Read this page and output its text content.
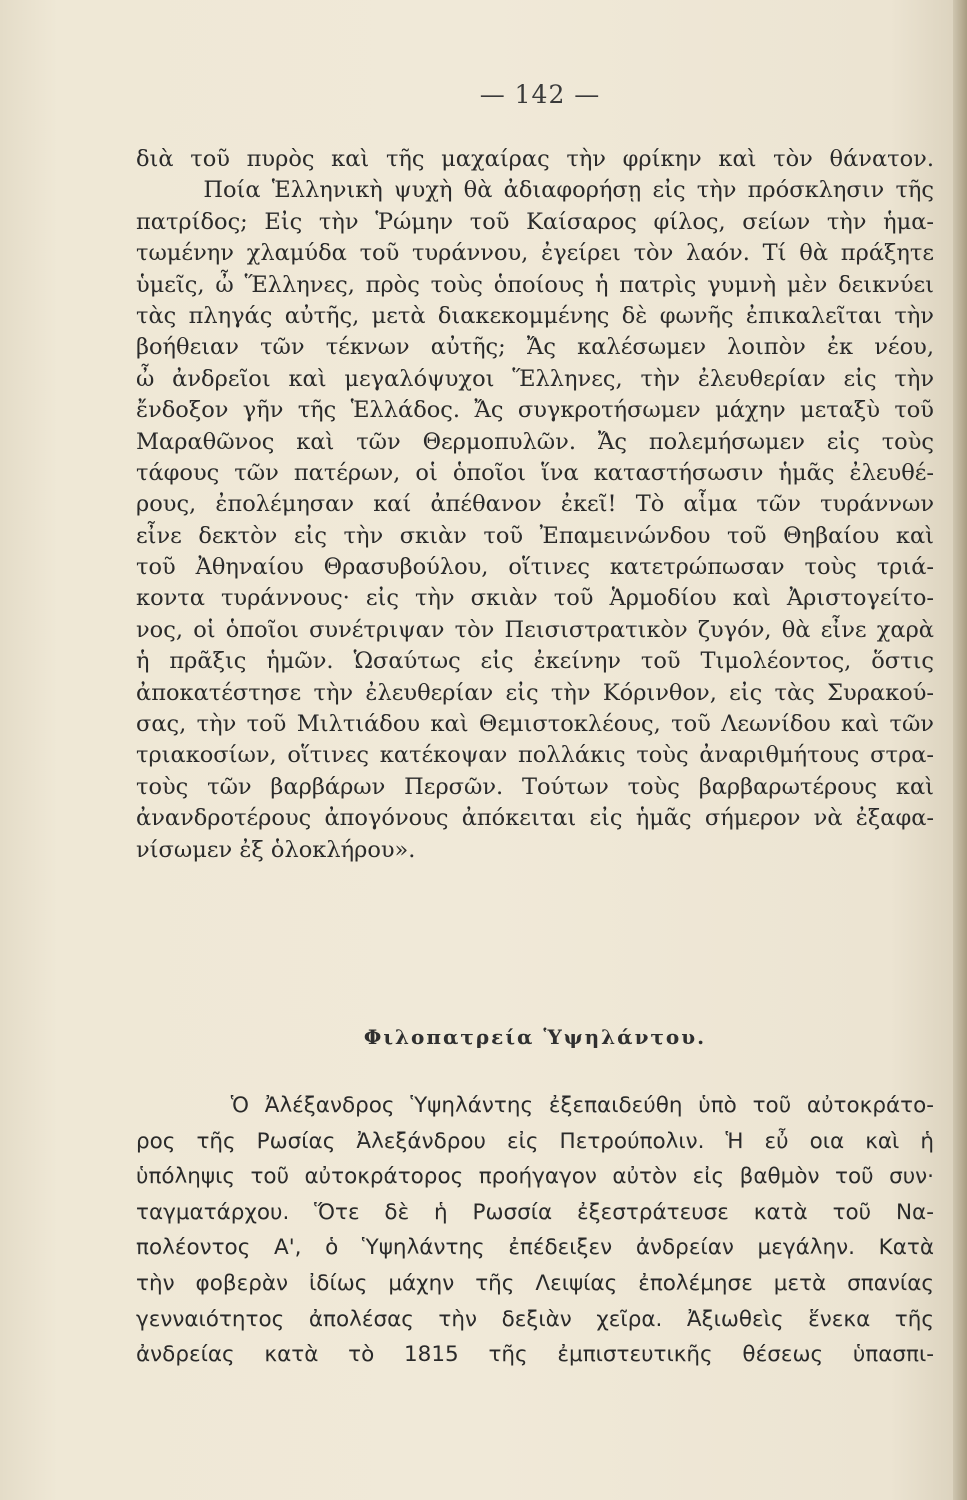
— 142 —
διὰ τοῦ πυρὸς καὶ τῆς μαχαίρας τὴν φρίκην καὶ τὸν θάνατον.
Ποία Ἑλληνικὴ ψυχὴ θὰ ἀδιαφορήσῃ εἰς τὴν πρόσκλησιν τῆς
πατρίδος; Εἰς τὴν Ῥώμην τοῦ Καίσαρος φίλος, σείων τὴν ἡμα-
τωμένην χλαμύδα τοῦ τυράννου, ἐγείρει τὸν λαόν. Τί θὰ πράξητε
ὑμεῖς, ὦ Ἕλληνες, πρὸς τοὺς ὁποίους ἡ πατρὶς γυμνὴ μὲν δεικνύει
τὰς πληγάς αὐτῆς, μετὰ διακεκομμένης δὲ φωνῆς ἐπικαλεῖται τὴν
βοήθειαν τῶν τέκνων αὐτῆς; Ἄς καλέσωμεν λοιπὸν ἐκ νέου,
ὦ ἀνδρεῖοι καὶ μεγαλόψυχοι Ἕλληνες, τὴν ἐλευθερίαν εἰς τὴν
ἔνδοξον γῆν τῆς Ἑλλάδος. Ἄς συγκροτήσωμεν μάχην μεταξὺ τοῦ
Μαραθῶνος καὶ τῶν Θερμοπυλῶν. Ἄς πολεμήσωμεν εἰς τοὺς
τάφους τῶν πατέρων, οἱ ὁποῖοι ἵνα καταστήσωσιν ἡμᾶς ἐλευθέ-
ρους, ἐπολέμησαν καί ἀπέθανον ἐκεῖ! Τὸ αἷμα τῶν τυράννων
εἶνε δεκτὸν εἰς τὴν σκιὰν τοῦ Ἐπαμεινώνδου τοῦ Θηβαίου καὶ
τοῦ Ἀθηναίου Θρασυβούλου, οἵτινες κατετρώπωσαν τοὺς τριά-
κοντα τυράννους· εἰς τὴν σκιὰν τοῦ Ἁρμοδίου καὶ Ἀριστογείτο-
νος, οἱ ὁποῖοι συνέτριψαν τὸν Πεισιστρατικὸν ζυγόν, θὰ εἶνε χαρὰ
ἡ πρᾶξις ἡμῶν. Ὡσαύτως εἰς ἐκείνην τοῦ Τιμολέοντος, ὅστις
ἀποκατέστησε τὴν ἐλευθερίαν εἰς τὴν Κόρινθον, εἰς τὰς Συρακού-
σας, τὴν τοῦ Μιλτιάδου καὶ Θεμιστοκλέους, τοῦ Λεωνίδου καὶ τῶν
τριακοσίων, οἵτινες κατέκοψαν πολλάκις τοὺς ἀναριθμήτους στρα-
τοὺς τῶν βαρβάρων Περσῶν. Τούτων τοὺς βαρβαρωτέρους καὶ
ἀνανδροτέρους ἀπογόνους ἀπόκειται εἰς ἡμᾶς σήμερον νὰ ἐξαφα-
νίσωμεν ἐξ ὁλοκλήρου».
Φιλοπατρεία Ὑψηλάντου.
Ὁ Ἀλέξανδρος Ὑψηλάντης ἐξεπαιδεύθη ὑπὸ τοῦ αὐτοκράτο-
ρος τῆς Ρωσίας Ἀλεξάνδρου εἰς Πετρούπολιν. Ἡ εὖ οια καὶ ἡ
ὑπόληψις τοῦ αὐτοκράτορος προήγαγον αὐτὸν εἰς βαθμὸν τοῦ συν·
ταγματάρχου. Ὅτε δὲ ἡ Ρωσσία ἐξεστράτευσε κατὰ τοῦ Να-
πολέοντος Α', ὁ Ὑψηλάντης ἐπέδειξεν ἀνδρείαν μεγάλην. Κατὰ
τὴν φοβερὰν ἰδίως μάχην τῆς Λειψίας ἐπολέμησε μετὰ σπανίας
γενναιότητος ἀπολέσας τὴν δεξιὰν χεῖρα. Ἀξιωθεὶς ἕνεκα τῆς
ἀνδρείας κατὰ τὸ 1815 τῆς ἐμπιστευτικῆς θέσεως ὑπασπι-
